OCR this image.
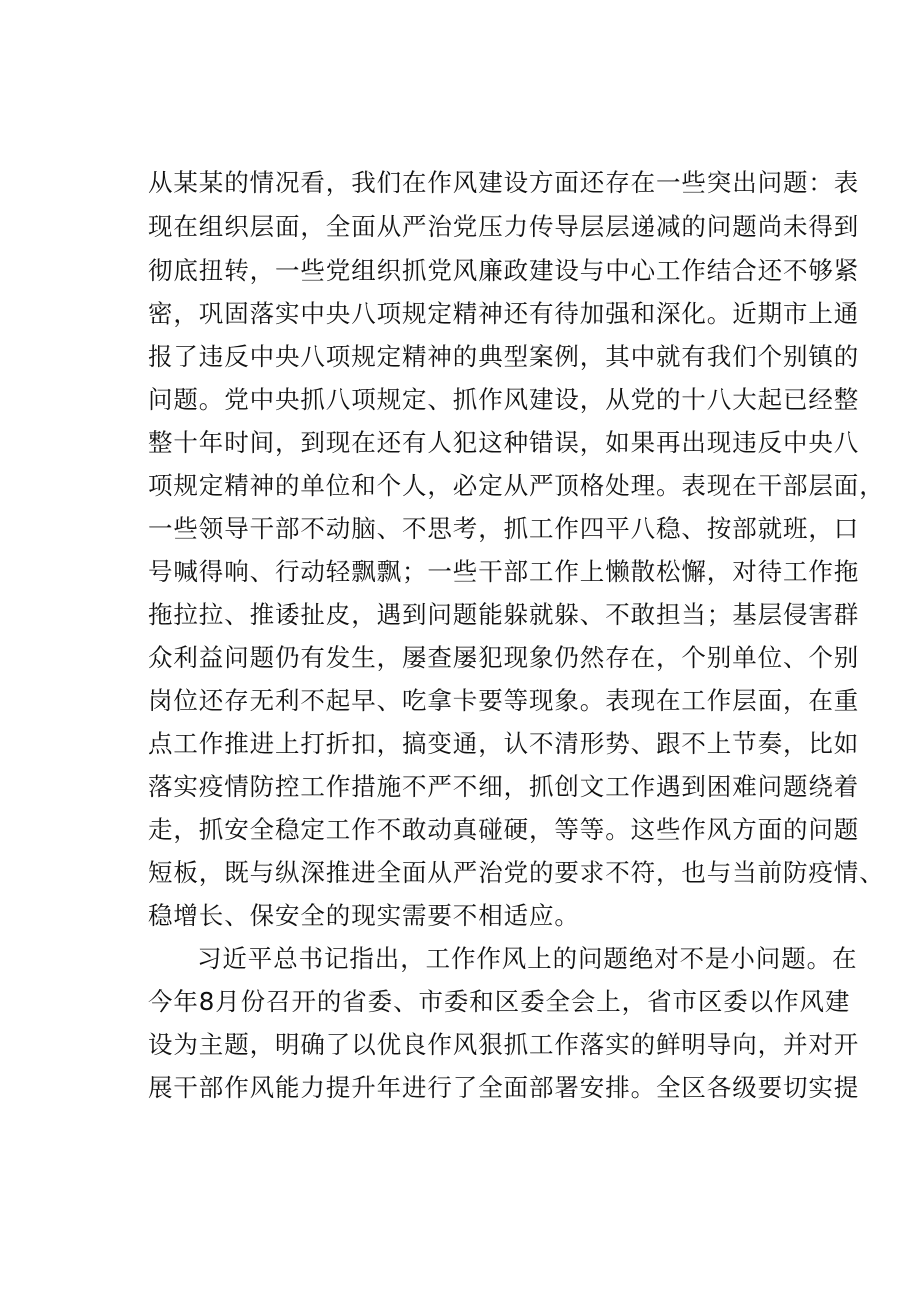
从某某的情况看，我们在作风建设方面还存在一些突出问题：表
现在组织层面，全面从严治党压力传导层层递减的问题尚未得到
彻底扭转，一些党组织抓党风廉政建设与中心工作结合还不够紧
密，巩固落实中央八项规定精神还有待加强和深化。近期市上通
报了违反中央八项规定精神的典型案例，其中就有我们个别镇的
问题。党中央抓八项规定、抓作风建设，从党的十八大起已经整
整十年时间，到现在还有人犯这种错误，如果再出现违反中央八
项规定精神的单位和个人，必定从严顶格处理。表现在干部层面，
一些领导干部不动脑、不思考，抓工作四平八稳、按部就班，口
号喊得响、行动轻飘飘；一些干部工作上懒散松懈，对待工作拖
拖拉拉、推诿扯皮，遇到问题能躲就躲、不敢担当；基层侵害群
众利益问题仍有发生，屡查屡犯现象仍然存在，个别单位、个别
岗位还存无利不起早、吃拿卡要等现象。表现在工作层面，在重
点工作推进上打折扣，搞变通，认不清形势、跟不上节奏，比如
落实疫情防控工作措施不严不细，抓创文工作遇到困难问题绕着
走，抓安全稳定工作不敢动真碰硬，等等。这些作风方面的问题
短板，既与纵深推进全面从严治党的要求不符，也与当前防疫情、
稳增长、保安全的现实需要不相适应。
习近平总书记指出，工作作风上的问题绝对不是小问题。在
今年8月份召开的省委、市委和区委全会上，省市区委以作风建
设为主题，明确了以优良作风狠抓工作落实的鲜明导向，并对开
展干部作风能力提升年进行了全面部署安排。全区各级要切实提
